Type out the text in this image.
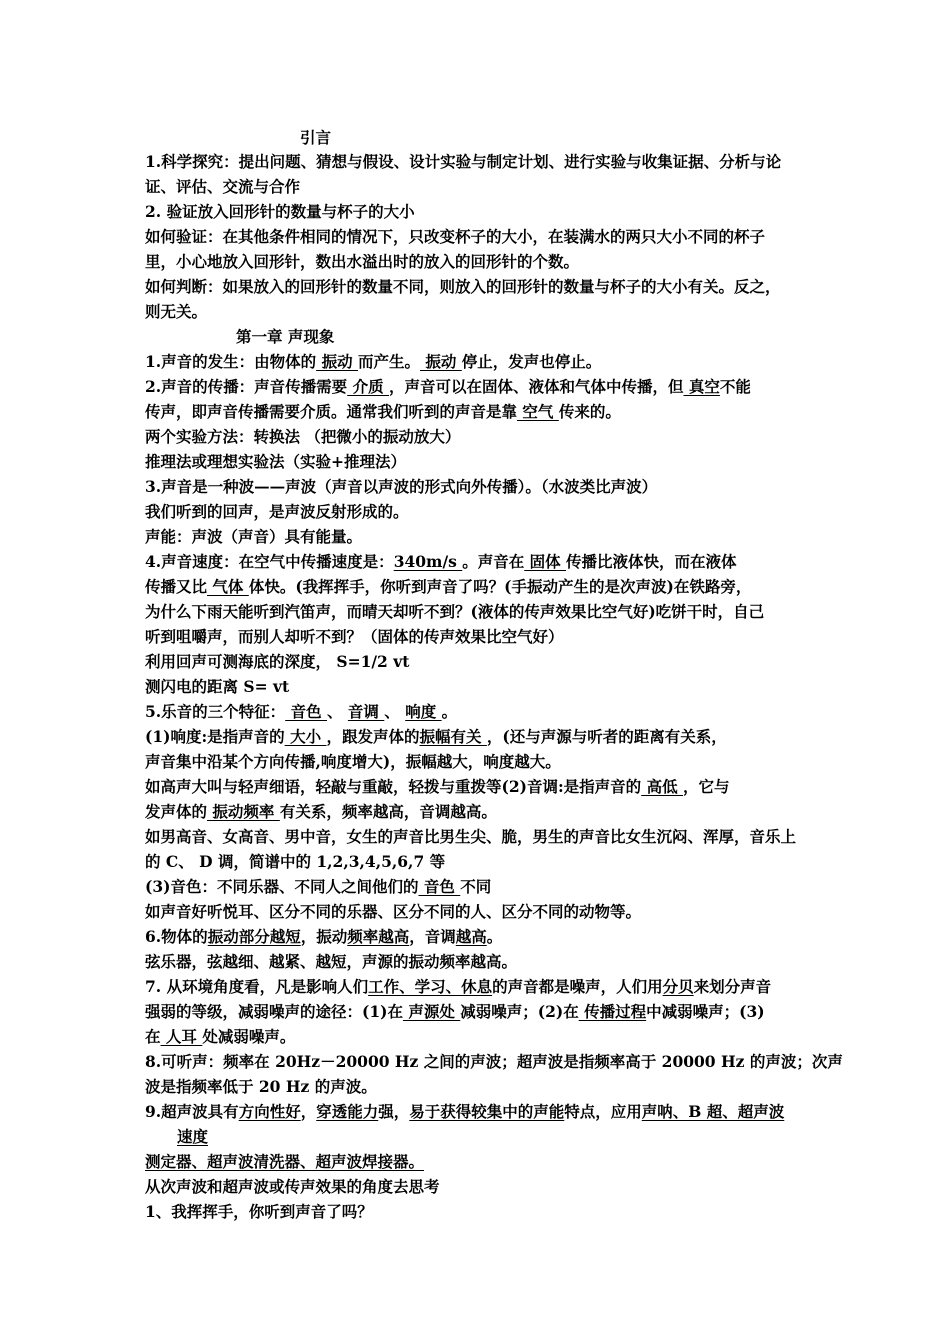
引言
1.科学探究：提出问题、猜想与假设、设计实验与制定计划、进行实验与收集证据、分析与论
证、评估、交流与合作
2. 验证放入回形针的数量与杯子的大小
如何验证：在其他条件相同的情况下，只改变杯子的大小，在装满水的两只大小不同的杯子
里，小心地放入回形针，数出水溢出时的放入的回形针的个数。
如何判断：如果放入的回形针的数量不同，则放入的回形针的数量与杯子的大小有关。反之，
则无关。
第一章 声现象
1.声音的发生：由物体的 振动 而产生。 振动 停止，发声也停止。
2.声音的传播：声音传播需要 介质 ，声音可以在固体、液体和气体中传播，但 真空不能
传声，即声音传播需要介质。通常我们听到的声音是靠 空气 传来的。
两个实验方法：转换法 （把微小的振动放大）
推理法或理想实验法（实验+推理法）
3.声音是一种波——声波（声音以声波的形式向外传播）。（水波类比声波）
我们听到的回声，是声波反射形成的。
声能：声波（声音）具有能量。
4.声音速度：在空气中传播速度是：340m/s 。声音在 固体 传播比液体快，而在液体
传播又比 气体 体快。(我挥挥手，你听到声音了吗？(手振动产生的是次声波)在铁路旁，
为什么下雨天能听到汽笛声，而晴天却听不到？(液体的传声效果比空气好)吃饼干时，自己
听到咀嚼声，而别人却听不到？（固体的传声效果比空气好）
利用回声可测海底的深度， S=1/2 vt
测闪电的距离 S= vt
5.乐音的三个特征： 音色 、 音调 、 响度 。
(1)响度:是指声音的 大小 ，跟发声体的振幅有关 ，(还与声源与听者的距离有关系，
声音集中沿某个方向传播,响度增大)，振幅越大，响度越大。
如高声大叫与轻声细语，轻敲与重敲，轻拨与重拨等(2)音调:是指声音的 高低 ，它与
发声体的 振动频率 有关系，频率越高，音调越高。
如男高音、女高音、男中音，女生的声音比男生尖、脆，男生的声音比女生沉闷、浑厚，音乐上
的 C、 D 调，简谱中的 1,2,3,4,5,6,7 等
(3)音色：不同乐器、不同人之间他们的 音色 不同
如声音好听悦耳、区分不同的乐器、区分不同的人、区分不同的动物等。
6.物体的振动部分越短，振动频率越高，音调越高。
弦乐器，弦越细、越紧、越短，声源的振动频率越高。
7. 从环境角度看，凡是影响人们工作、学习、休息的声音都是噪声，人们用分贝来划分声音
强弱的等级，减弱噪声的途径：(1)在 声源处 减弱噪声；(2)在 传播过程中减弱噪声；(3)
在 人耳 处减弱噪声。
8.可听声：频率在 20Hz－20000 Hz 之间的声波；超声波是指频率高于 20000 Hz 的声波；次声
波是指频率低于 20 Hz 的声波。
9.超声波具有方向性好，穿透能力强，易于获得较集中的声能特点，应用声呐、B 超、超声波
速度
测定器、超声波清洗器、超声波焊接器。
从次声波和超声波或传声效果的角度去思考
1、我挥挥手，你听到声音了吗？
